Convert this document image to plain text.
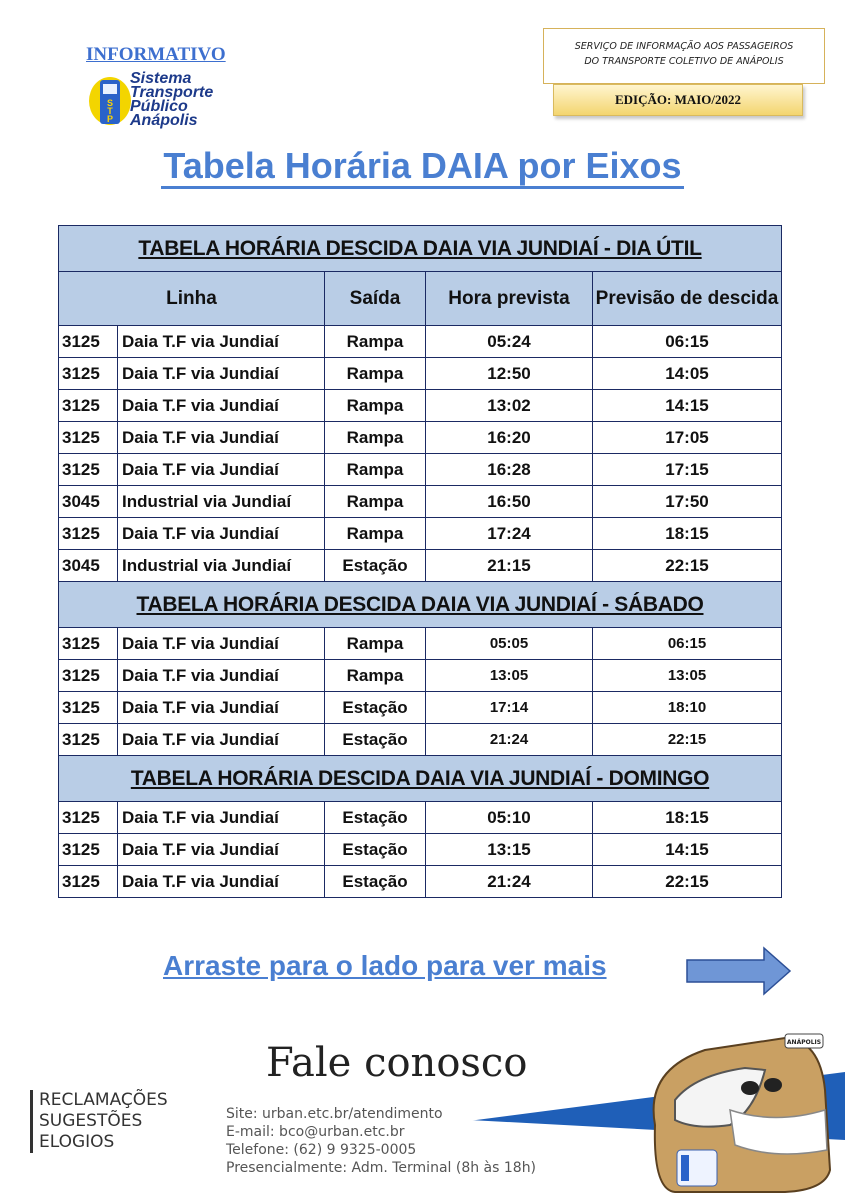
INFORMATIVO
S
T
P
Sistema
Transporte
Público
Anápolis
SERVIÇO DE INFORMAÇÃO AOS PASSAGEIROS
DO TRANSPORTE COLETIVO DE ANÁPOLIS
EDIÇÃO: MAIO/2022
Tabela Horária DAIA por Eixos
TABELA HORÁRIA DESCIDA DAIA VIA JUNDIAÍ - DIA ÚTIL				
Linha		Saída	Hora prevista	Previsão de descida
3125	Daia T.F via Jundiaí	Rampa	05:24	06:15
3125	Daia T.F via Jundiaí	Rampa	12:50	14:05
3125	Daia T.F via Jundiaí	Rampa	13:02	14:15
3125	Daia T.F via Jundiaí	Rampa	16:20	17:05
3125	Daia T.F via Jundiaí	Rampa	16:28	17:15
3045	Industrial via Jundiaí	Rampa	16:50	17:50
3125	Daia T.F via Jundiaí	Rampa	17:24	18:15
3045	Industrial via Jundiaí	Estação	21:15	22:15
TABELA HORÁRIA DESCIDA DAIA VIA JUNDIAÍ - SÁBADO				
3125	Daia T.F via Jundiaí	Rampa	05:05	06:15
3125	Daia T.F via Jundiaí	Rampa	13:05	13:05
3125	Daia T.F via Jundiaí	Estação	17:14	18:10
3125	Daia T.F via Jundiaí	Estação	21:24	22:15
TABELA HORÁRIA DESCIDA DAIA VIA JUNDIAÍ - DOMINGO				
3125	Daia T.F via Jundiaí	Estação	05:10	18:15
3125	Daia T.F via Jundiaí	Estação	13:15	14:15
3125	Daia T.F via Jundiaí	Estação	21:24	22:15
Arraste para o lado para ver mais
Fale conosco
RECLAMAÇÕES
SUGESTÕES
ELOGIOS
Site: urban.etc.br/atendimento
E-mail: bco@urban.etc.br
Telefone: (62) 9 9325-0005
Presencialmente: Adm. Terminal (8h às 18h)
ANÁPOLIS
